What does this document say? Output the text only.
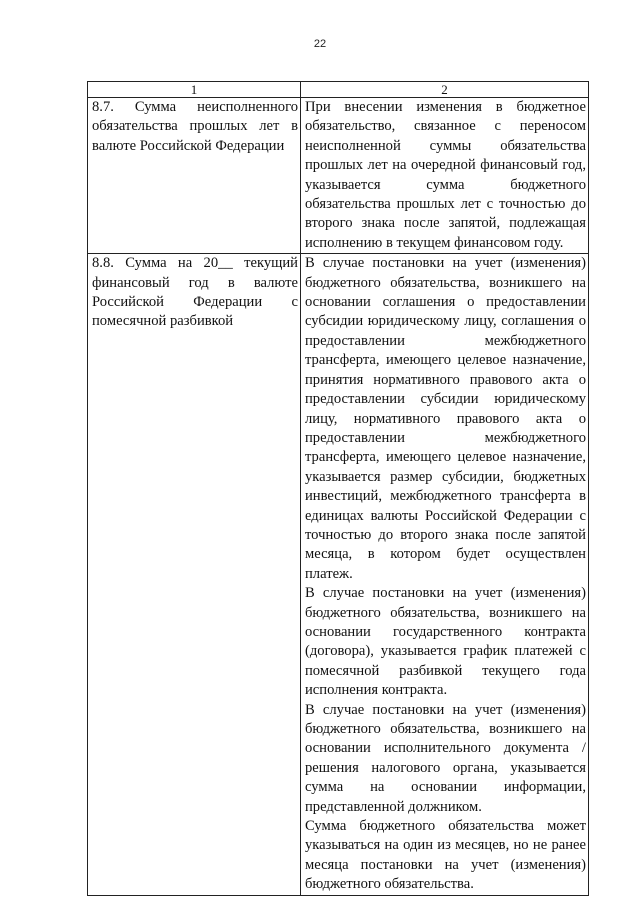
22
1	2

8.7. Сумма неисполненного обязательства прошлых лет в валюте Российской Федерации	При внесении изменения в бюджетное обязательство, связанное с переносом неисполненной суммы обязательства прошлых лет на очередной финансовый год, указывается сумма бюджетного обязательства прошлых лет с точностью до второго знака после запятой, подлежащая исполнению в текущем финансовом году.

8.8. Сумма на 20__ текущий финансовый год в валюте Российской Федерации с помесячной разбивкой	В случае постановки на учет (изменения) бюджетного обязательства, возникшего на основании соглашения о предоставлении субсидии юридическому лицу, соглашения о предоставлении межбюджетного трансферта, имеющего целевое назначение, принятия нормативного правового акта о предоставлении субсидии юридическому лицу, нормативного правового акта о предоставлении межбюджетного трансферта, имеющего целевое назначение, указывается размер субсидии, бюджетных инвестиций, межбюджетного трансферта в единицах валюты Российской Федерации с точностью до второго знака после запятой месяца, в котором будет осуществлен платеж.

В случае постановки на учет (изменения) бюджетного обязательства, возникшего на основании государственного контракта (договора), указывается график платежей с помесячной разбивкой текущего года исполнения контракта.

В случае постановки на учет (изменения) бюджетного обязательства, возникшего на основании исполнительного документа / решения налогового органа, указывается сумма на основании информации, представленной должником.

Сумма бюджетного обязательства может указываться на один из месяцев, но не ранее месяца постановки на учет (изменения) бюджетного обязательства.
